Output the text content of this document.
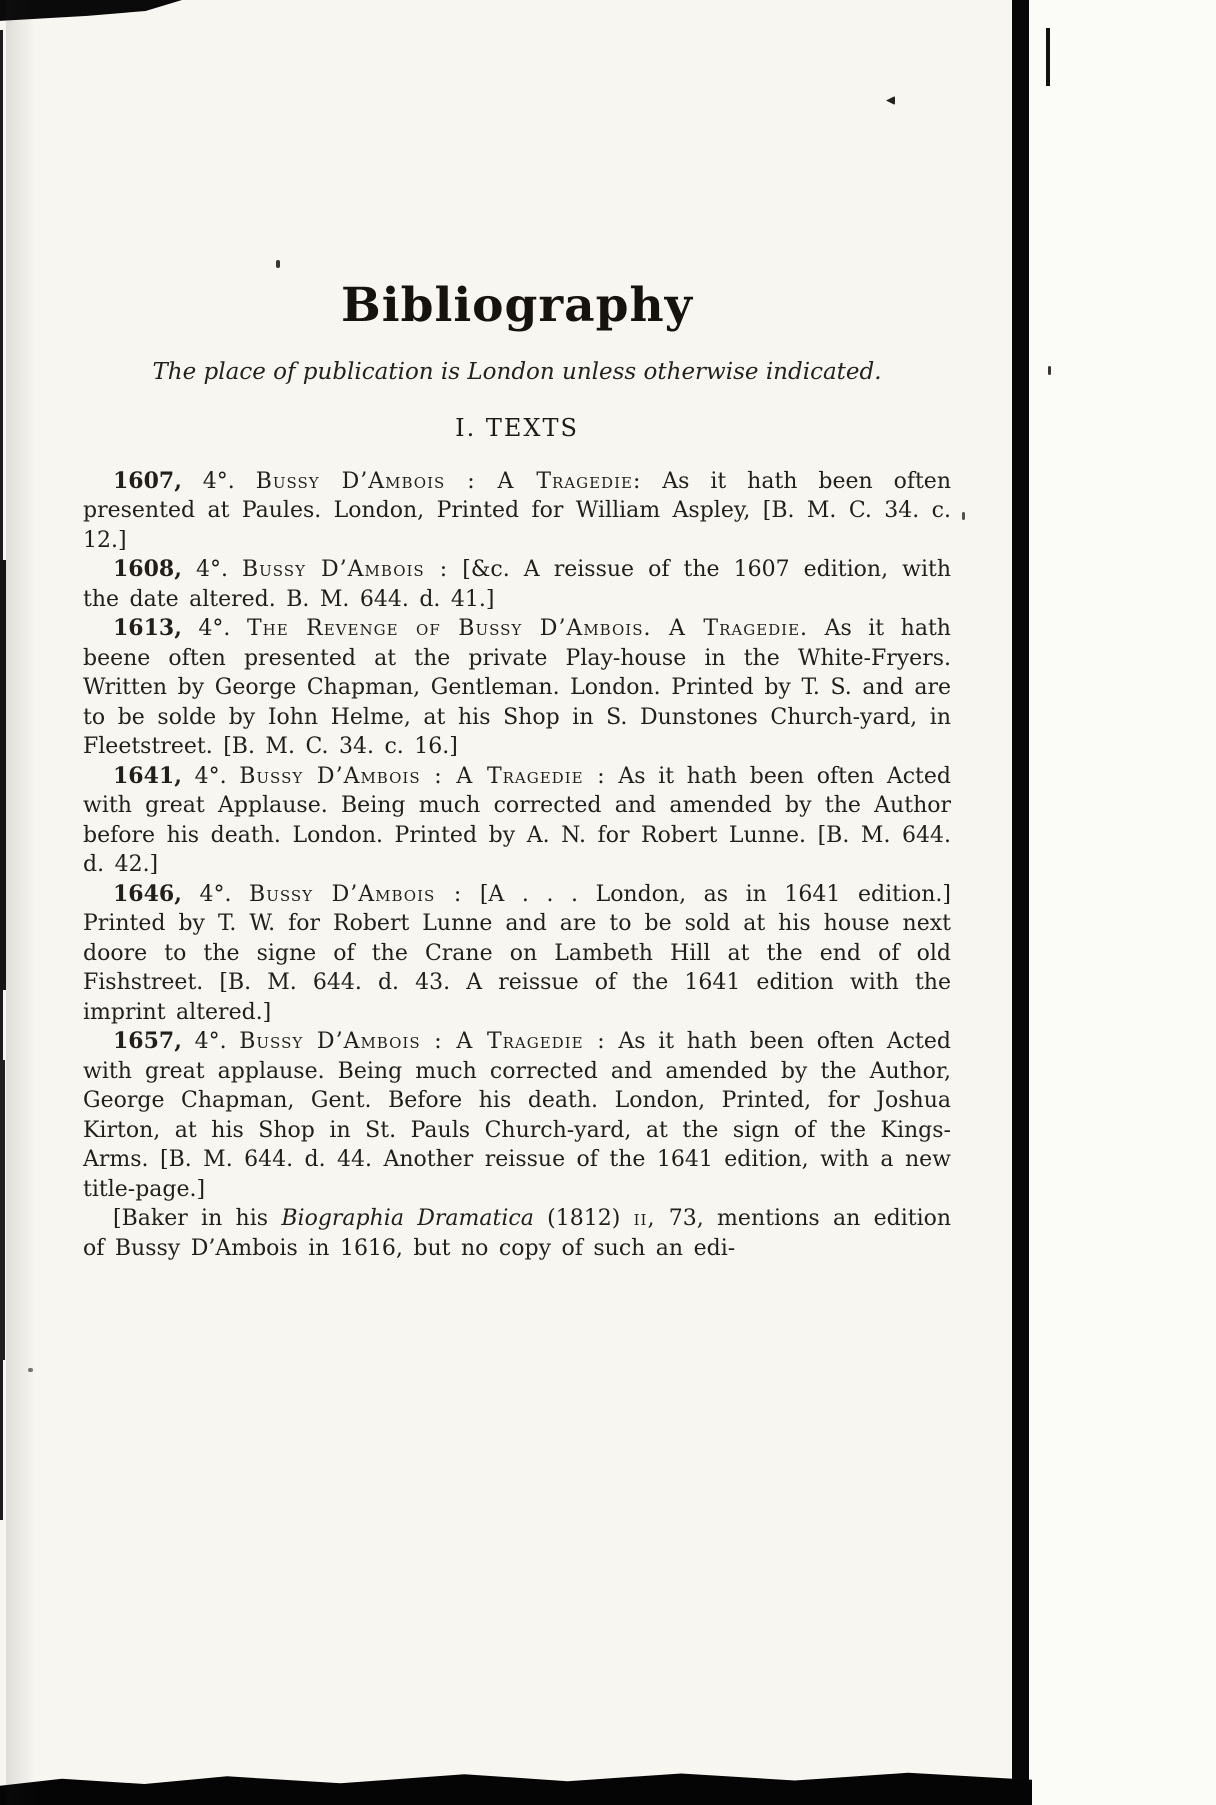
Bibliography

The place of publication is London unless otherwise indicated.

I. TEXTS

1607, 4°. Bussy D’Ambois : A Tragedie: As it hath been often presented at Paules. London, Printed for William Aspley, [B. M. C. 34. c. 12.]

1608, 4°. Bussy D’Ambois : [&c. A reissue of the 1607 edition, with the date altered. B. M. 644. d. 41.]

1613, 4°. The Revenge of Bussy D’Ambois. A Tragedie. As it hath beene often presented at the private Play-house in the White-Fryers. Written by George Chapman, Gentleman. London. Printed by T. S. and are to be solde by Iohn Helme, at his Shop in S. Dunstones Church-yard, in Fleetstreet. [B. M. C. 34. c. 16.]

1641, 4°. Bussy D’Ambois : A Tragedie : As it hath been often Acted with great Applause. Being much corrected and amended by the Author before his death. London. Printed by A. N. for Robert Lunne. [B. M. 644. d. 42.]

1646, 4°. Bussy D’Ambois : [A . . . London, as in 1641 edition.] Printed by T. W. for Robert Lunne and are to be sold at his house next doore to the signe of the Crane on Lambeth Hill at the end of old Fishstreet. [B. M. 644. d. 43. A reissue of the 1641 edition with the imprint altered.]

1657, 4°. Bussy D’Ambois : A Tragedie : As it hath been often Acted with great applause. Being much corrected and amended by the Author, George Chapman, Gent. Before his death. London, Printed, for Joshua Kirton, at his Shop in St. Pauls Church-yard, at the sign of the Kings-Arms. [B. M. 644. d. 44. Another reissue of the 1641 edition, with a new title-page.]

[Baker in his Biographia Dramatica (1812) ii, 73, mentions an edition of Bussy D’Ambois in 1616, but no copy of such an edi-
